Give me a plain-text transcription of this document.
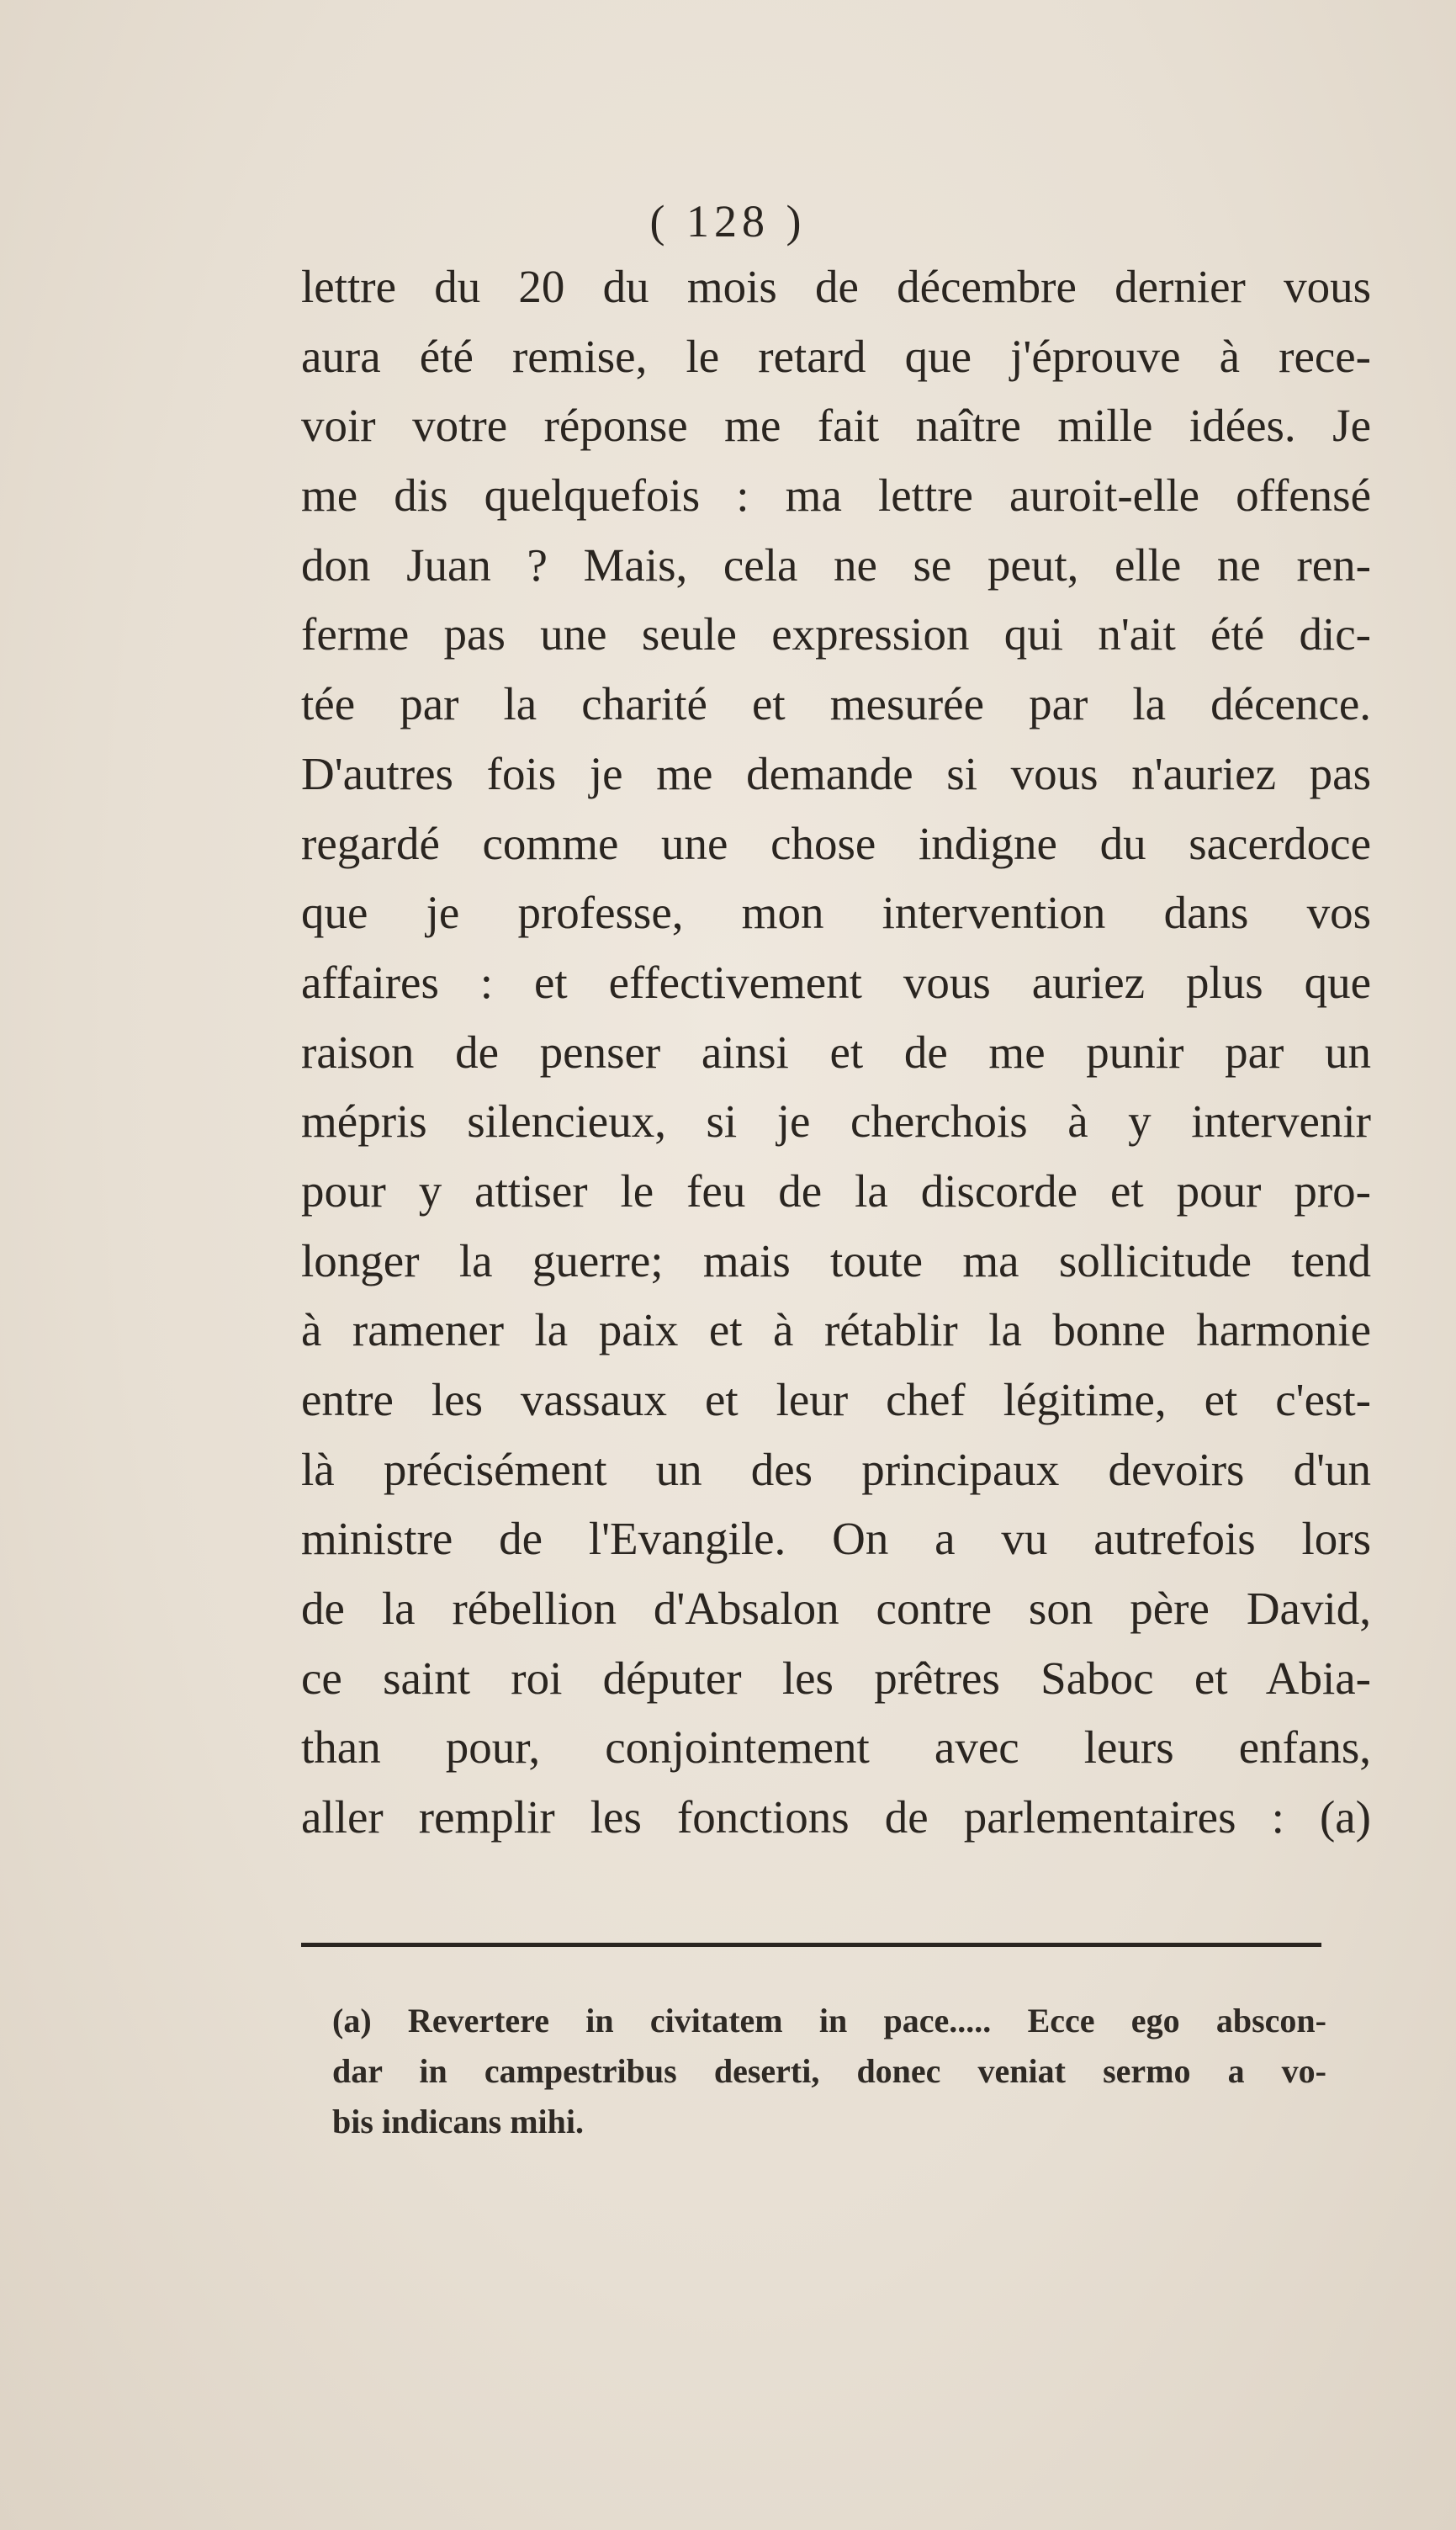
( 128 )
lettre du 20 du mois de décembre dernier vous
aura été remise, le retard que j'éprouve à rece-
voir votre réponse me fait naître mille idées. Je
me dis quelquefois : ma lettre auroit-elle offensé
don Juan ? Mais, cela ne se peut, elle ne ren-
ferme pas une seule expression qui n'ait été dic-
tée par la charité et mesurée par la décence.
D'autres fois je me demande si vous n'auriez pas
regardé comme une chose indigne du sacerdoce
que je professe, mon intervention dans vos
affaires : et effectivement vous auriez plus que
raison de penser ainsi et de me punir par un
mépris silencieux, si je cherchois à y intervenir
pour y attiser le feu de la discorde et pour pro-
longer la guerre; mais toute ma sollicitude tend
à ramener la paix et à rétablir la bonne harmonie
entre les vassaux et leur chef légitime, et c'est-
là précisément un des principaux devoirs d'un
ministre de l'Evangile. On a vu autrefois lors
de la rébellion d'Absalon contre son père David,
ce saint roi députer les prêtres Saboc et Abia-
than pour, conjointement avec leurs enfans,
aller remplir les fonctions de parlementaires : (a)
(a) Revertere in civitatem in pace..... Ecce ego abscon-
dar in campestribus deserti, donec veniat sermo a vo-
bis indicans mihi.
